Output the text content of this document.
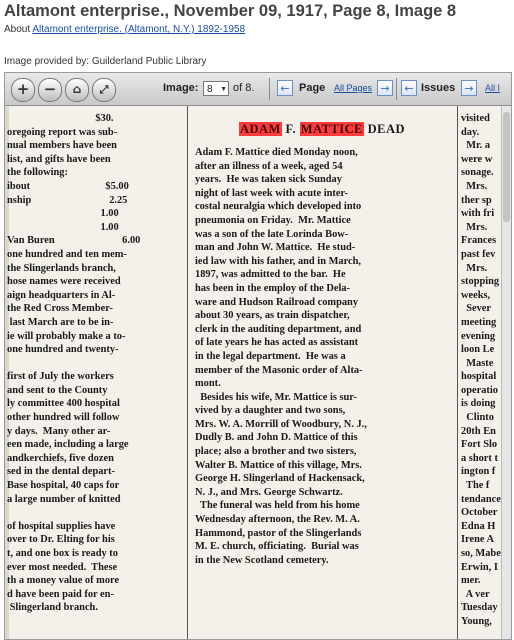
Altamont enterprise., November 09, 1917, Page 8, Image 8
About Altamont enterprise. (Altamont, N.Y.) 1892-1958
Image provided by: Guilderland Public Library
+ −	⌂	⤢	Image: 8 ▼ of 8.	← Page All Pages →	← Issues →	All I
$30.
oregoing report was sub-
nual members have been
list, and gifts have been
the following:
ibout                             $5.00
nship                              2.25
1.00
1.00
Van Buren                          6.00
one hundred and ten mem-
the Slingerlands branch,
hose names were received
aign headquarters in Al-
the Red Cross Member-
last March are to be in-
ie will probably make a to-
one hundred and twenty-
first of July the workers
and sent to the County
ly committee 400 hospital
other hundred will follow
y days.  Many other ar-
een made, including a large
andkerchiefs, five dozen
sed in the dental depart-
Base hospital, 40 caps for
a large number of knitted
of hospital supplies have
over to Dr. Elting for his
t, and one box is ready to
ever most needed.  These
th a money value of more
d have been paid for en-
Slingerland branch.
ADAM F. MATTICE DEAD
Adam F. Mattice died Monday noon,
after an illness of a week, aged 54
years.  He was taken sick Sunday
night of last week with acute inter-
costal neuralgia which developed into
pneumonia on Friday.  Mr. Mattice
was a son of the late Lorinda Bow-
man and John W. Mattice.  He stud-
ied law with his father, and in March,
1897, was admitted to the bar.  He
has been in the employ of the Dela-
ware and Hudson Railroad company
about 30 years, as train dispatcher,
clerk in the auditing department, and
of late years he has acted as assistant
in the legal department.  He was a
member of the Masonic order of Alta-
mont.
Besides his wife, Mr. Mattice is sur-
vived by a daughter and two sons,
Mrs. W. A. Morrill of Woodbury, N. J.,
Dudly B. and John D. Mattice of this
place; also a brother and two sisters,
Walter B. Mattice of this village, Mrs.
George H. Slingerland of Hackensack,
N. J., and Mrs. George Schwartz.
The funeral was held from his home
Wednesday afternoon, the Rev. M. A.
Hammond, pastor of the Slingerlands
M. E. church, officiating.  Burial was
in the New Scotland cemetery.
visited
day.
Mr. a
were w
sonage.
Mrs.
ther sp
with fri
Mrs.
Frances
past fev
Mrs.
stopping
weeks,
Sever
meeting
evening
loon Le
Maste
hospital
operatio
is doing
Clinto
20th En
Fort Slo
a short t
ington f
The f
tendance
October
Edna H
Irene A
so, Mabe
Erwin, I
mer.
A ver
Tuesday
Young,
